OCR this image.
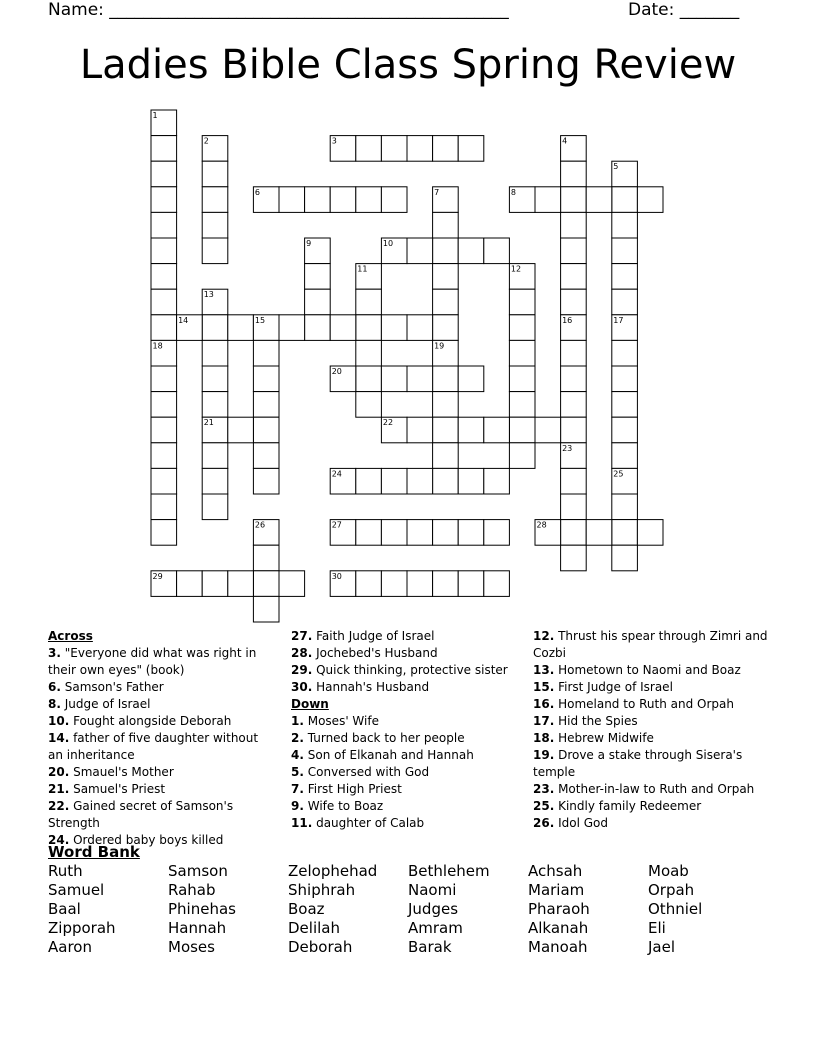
Name: _______________________________________________	Date: _______
Ladies Bible Class Spring Review
1
2	3	4
5
6	7	8
9	10
11	12
13
14	15	16	17
18	19
20
21	22
23
24	25
26	27	28
29	30
Across
3. "Everyone did what was right in their own eyes" (book)
6. Samson's Father
8. Judge of Israel
10. Fought alongside Deborah
14. father of five daughter without an inheritance
20. Smauel's Mother
21. Samuel's Priest
22. Gained secret of Samson's Strength
24. Ordered baby boys killed
27. Faith Judge of Israel
28. Jochebed's Husband
29. Quick thinking, protective sister
30. Hannah's Husband
Down
1. Moses' Wife
2. Turned back to her people
4. Son of Elkanah and Hannah
5. Conversed with God
7. First High Priest
9. Wife to Boaz
11. daughter of Calab
12. Thrust his spear through Zimri and Cozbi
13. Hometown to Naomi and Boaz
15. First Judge of Israel
16. Homeland to Ruth and Orpah
17. Hid the Spies
18. Hebrew Midwife
19. Drove a stake through Sisera's temple
23. Mother-in-law to Ruth and Orpah
25. Kindly family Redeemer
26. Idol God
Word Bank
Ruth	Samson	Zelophehad	Bethlehem	Achsah	Moab
Samuel	Rahab	Shiphrah	Naomi	Mariam	Orpah
Baal	Phinehas	Boaz	Judges	Pharaoh	Othniel
Zipporah	Hannah	Delilah	Amram	Alkanah	Eli
Aaron	Moses	Deborah	Barak	Manoah	Jael
